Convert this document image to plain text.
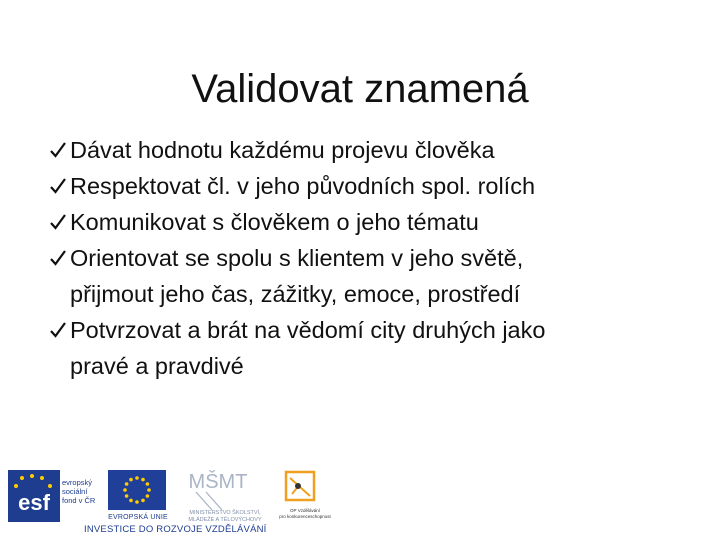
Validovat znamená
Dávat hodnotu každému projevu člověka
Respektovat čl. v jeho původních spol. rolích
Komunikovat s člověkem o jeho tématu
Orientovat se spolu s klientem v jeho světě,
přijmout jeho čas, zážitky, emoce, prostředí
Potvrzovat a brát na vědomí city druhých jako
pravé a pravdivé
esf
evropský
sociální
fond v ČR
EVROPSKÁ UNIE
MŠMT
MINISTERSTVO ŠKOLSTVÍ,
MLÁDEŽE A TĚLOVÝCHOVY
OP Vzdělávání
pro konkurenceschopnost
INVESTICE DO ROZVOJE VZDĚLÁVÁNÍ
